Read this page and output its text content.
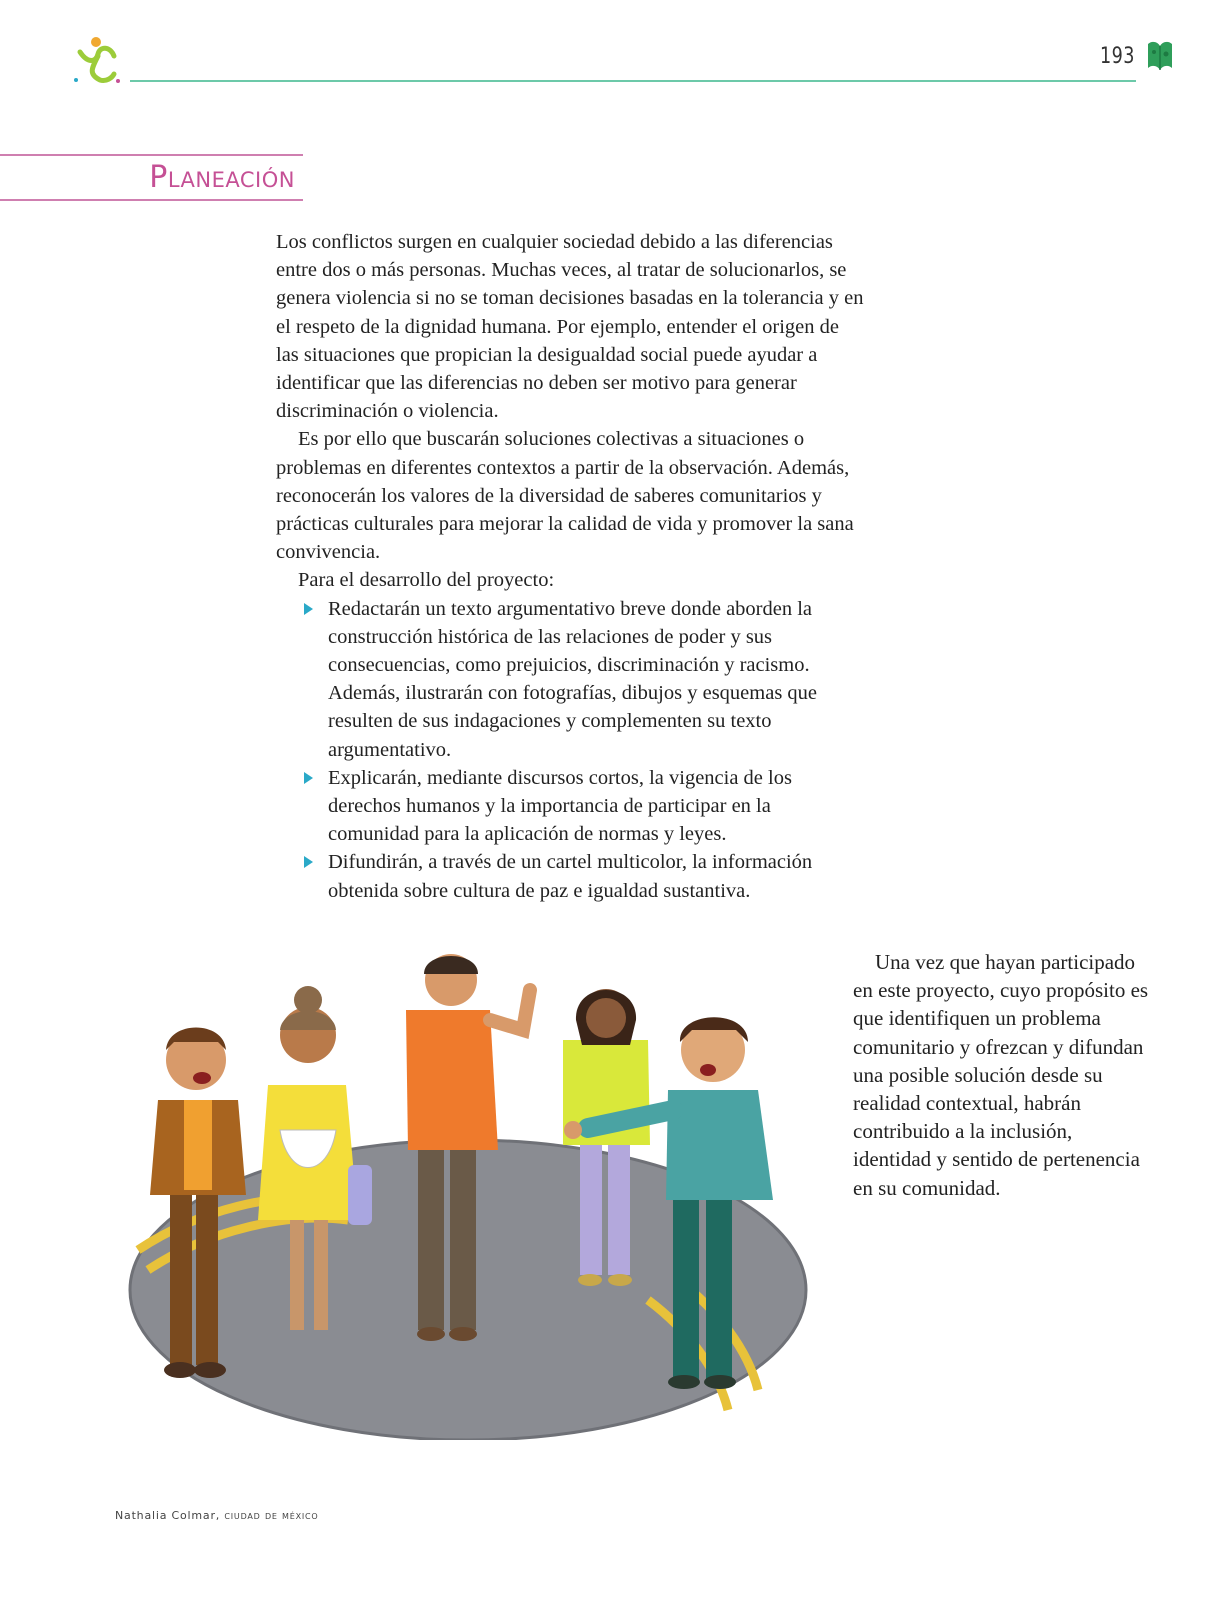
193
Planeación

Los conflictos surgen en cualquier sociedad debido a las diferencias entre dos o más personas. Muchas veces, al tratar de solucionarlos, se genera violencia si no se toman decisiones basadas en la tolerancia y en el respeto de la dignidad humana. Por ejemplo, entender el origen de las situaciones que propician la desigualdad social puede ayudar a identificar que las diferencias no deben ser motivo para generar discriminación o violencia.

Es por ello que buscarán soluciones colectivas a situaciones o problemas en diferentes contextos a partir de la observación. Además, reconocerán los valores de la diversidad de saberes comunitarios y prácticas culturales para mejorar la calidad de vida y promover la sana convivencia.

Para el desarrollo del proyecto:

Redactarán un texto argumentativo breve donde aborden la construcción histórica de las relaciones de poder y sus consecuencias, como prejuicios, discriminación y racismo. Además, ilustrarán con fotografías, dibujos y esquemas que resulten de sus indagaciones y complementen su texto argumentativo.
Explicarán, mediante discursos cortos, la vigencia de los derechos humanos y la importancia de participar en la comunidad para la aplicación de normas y leyes.
Difundirán, a través de un cartel multicolor, la información obtenida sobre cultura de paz e igualdad sustantiva.

Una vez que hayan participado en este proyecto, cuyo propósito es que identifiquen un problema comunitario y ofrezcan y difundan una posible solución desde su realidad contextual, habrán contribuido a la inclusión, identidad y sentido de pertenencia en su comunidad.

Nathalia Colmar, ciudad de méxico
